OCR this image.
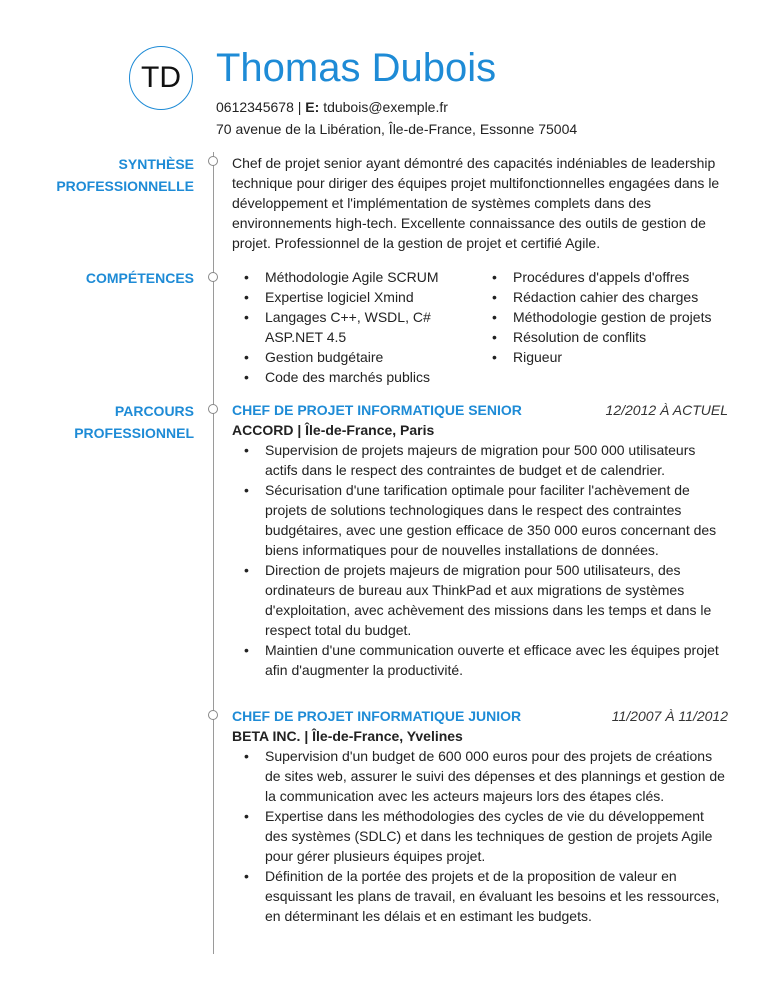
TD Thomas Dubois
0612345678 | E: tdubois@exemple.fr
70 avenue de la Libération, Île-de-France, Essonne 75004
SYNTHÈSE
PROFESSIONNELLE
COMPÉTENCES
PARCOURS
PROFESSIONNEL
Chef de projet senior ayant démontré des capacités indéniables de leadership technique pour diriger des équipes projet multifonctionnelles engagées dans le développement et l'implémentation de systèmes complets dans des environnements high-tech. Excellente connaissance des outils de gestion de projet. Professionnel de la gestion de projet et certifié Agile.
• Méthodologie Agile SCRUM
• Expertise logiciel Xmind
• Langages C++, WSDL, C# ASP.NET 4.5
• Gestion budgétaire
• Code des marchés publics
• Procédures d'appels d'offres
• Rédaction cahier des charges
• Méthodologie gestion de projets
• Résolution de conflits
• Rigueur
CHEF DE PROJET INFORMATIQUE SENIOR	12/2012 À ACTUEL
ACCORD | Île-de-France, Paris
• Supervision de projets majeurs de migration pour 500 000 utilisateurs actifs dans le respect des contraintes de budget et de calendrier.
• Sécurisation d'une tarification optimale pour faciliter l'achèvement de projets de solutions technologiques dans le respect des contraintes budgétaires, avec une gestion efficace de 350 000 euros concernant des biens informatiques pour de nouvelles installations de données.
• Direction de projets majeurs de migration pour 500 utilisateurs, des ordinateurs de bureau aux ThinkPad et aux migrations de systèmes d'exploitation, avec achèvement des missions dans les temps et dans le respect total du budget.
• Maintien d'une communication ouverte et efficace avec les équipes projet afin d'augmenter la productivité.
CHEF DE PROJET INFORMATIQUE JUNIOR	11/2007 À 11/2012
BETA INC. | Île-de-France, Yvelines
• Supervision d'un budget de 600 000 euros pour des projets de créations de sites web, assurer le suivi des dépenses et des plannings et gestion de la communication avec les acteurs majeurs lors des étapes clés.
• Expertise dans les méthodologies des cycles de vie du développement des systèmes (SDLC) et dans les techniques de gestion de projets Agile pour gérer plusieurs équipes projet.
• Définition de la portée des projets et de la proposition de valeur en esquissant les plans de travail, en évaluant les besoins et les ressources, en déterminant les délais et en estimant les budgets.
